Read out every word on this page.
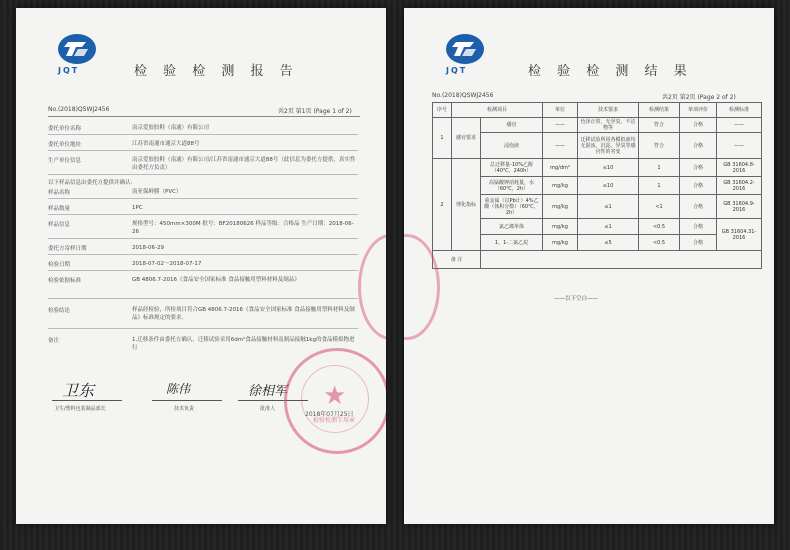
JQT	检 验 检 测 报 告
No.(2018)QSWJ2456	共2页 第1页 (Page 1 of 2)
委托单位名称	南京爱胶胶鞋（南通）有限公司
委托单位地址	江苏省南通市通京大道88号
生产单位信息	南京爱胶胶鞋（南通）有限公司/江苏省南通市通京大道88号（此信息为委托方提供，真实性由委托方负责）
以下样品信息由委托方提供并确认：
样品名称	南亚保鲜膜（PVC）
样品数量	1PC
样品信息	规格型号：450mm×300M 批号：BF20180626 样品等级：合格品 生产日期：2018-06-26
委托方寄样日期	2018-06-29
检验日期	2018-07-02～2018-07-17
检验依据标准	GB 4806.7-2016《食品安全国家标准 食品接触用塑料材料及制品》
检验结论	样品经检验，所检项目符合GB 4806.7-2016《食品安全国家标准 食品接触用塑料材料及制品》标准规定的要求。
备注	1.迁移条件由委托方确认，迁移试验采用6dm²食品接触材料及制品接触1kg的食品模拟物进行
卫东
卫生/塑料包装制品部长
陈伟
技术负责
徐相军
批准人 ★
检验检测专用章
2018年07月25日
JQT	检 验 检 测 结 果
No.(2018)QSWJ2456	共2页 第2页 (Page 2 of 2)
序号	检测项目		单位	技术要求	检测结果	单项评价	检测标准
1	感官要求	感官	——	色泽正常，无异臭，不洁物等	符合	合格	——
		浸泡液	——	迁移试验所用各模拟液均无混浊、沉淀、异臭等感官性的劣变	符合	合格	——
2	理化指标	总迁移量-10%乙醇（40℃，240h）	mg/dm²	≤10	1	合格	GB 31604.8-2016
		高锰酸钾消耗量，水（60℃，2h）	mg/kg	≤10	1	合格	GB 31604.2-2016
		重金属（以Pb计）4%乙酸（体积分数）（60℃，2h）	mg/kg	≤1	<1	合格	GB 31604.9-2016
		氯乙烯单体	mg/kg	≤1	<0.5	合格	GB 31604.31-2016
		1，1-二氯乙烷	mg/kg	≤5	<0.5	合格	
备 注							
——以下空白——
